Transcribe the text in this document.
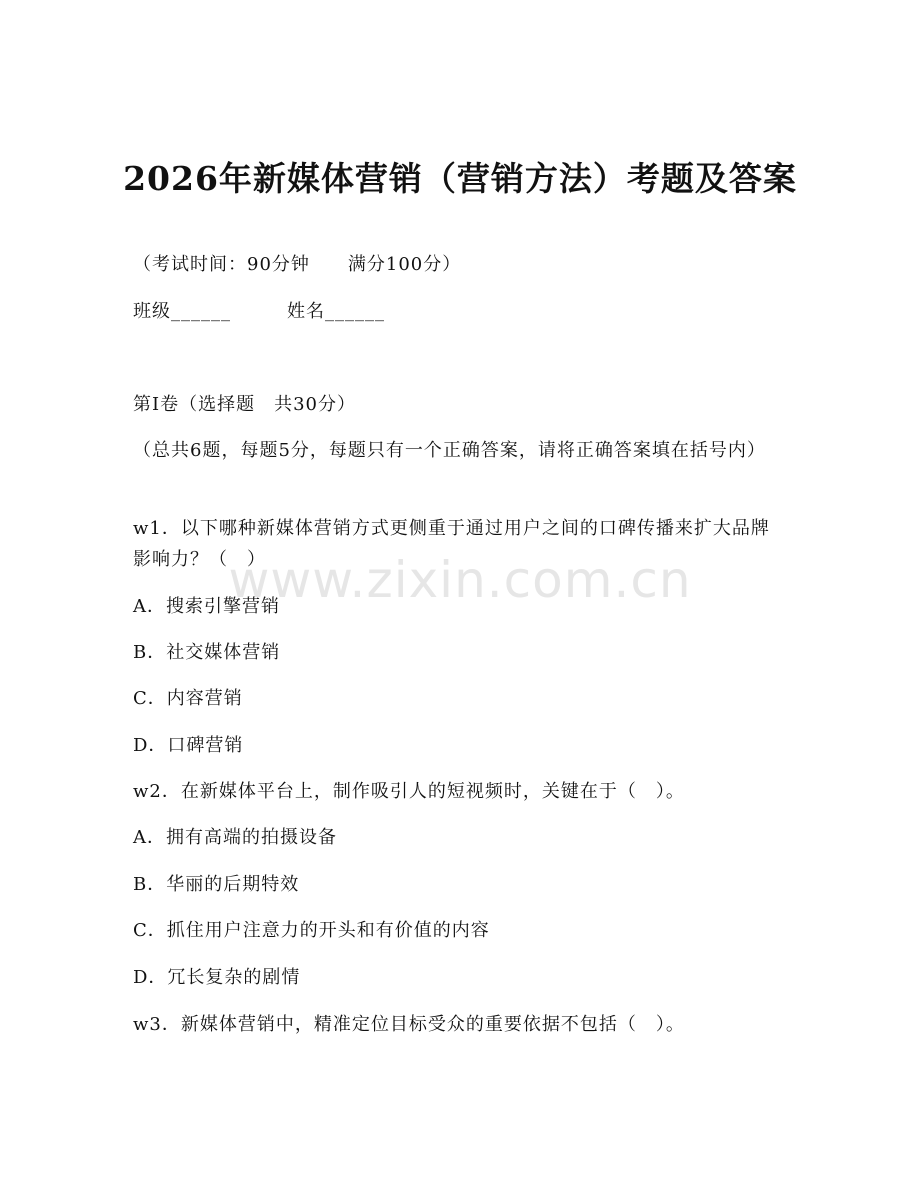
www.zixin.com.cn
2026年新媒体营销（营销方法）考题及答案
（考试时间：90分钟　　满分100分）
班级______	姓名______
第Ⅰ卷（选择题　共30分）
（总共6题，每题5分，每题只有一个正确答案，请将正确答案填在括号内）
w1．以下哪种新媒体营销方式更侧重于通过用户之间的口碑传播来扩大品牌影响力？（　）
A．搜索引擎营销
B．社交媒体营销
C．内容营销
D．口碑营销
w2．在新媒体平台上，制作吸引人的短视频时，关键在于（　）。
A．拥有高端的拍摄设备
B．华丽的后期特效
C．抓住用户注意力的开头和有价值的内容
D．冗长复杂的剧情
w3．新媒体营销中，精准定位目标受众的重要依据不包括（　）。
